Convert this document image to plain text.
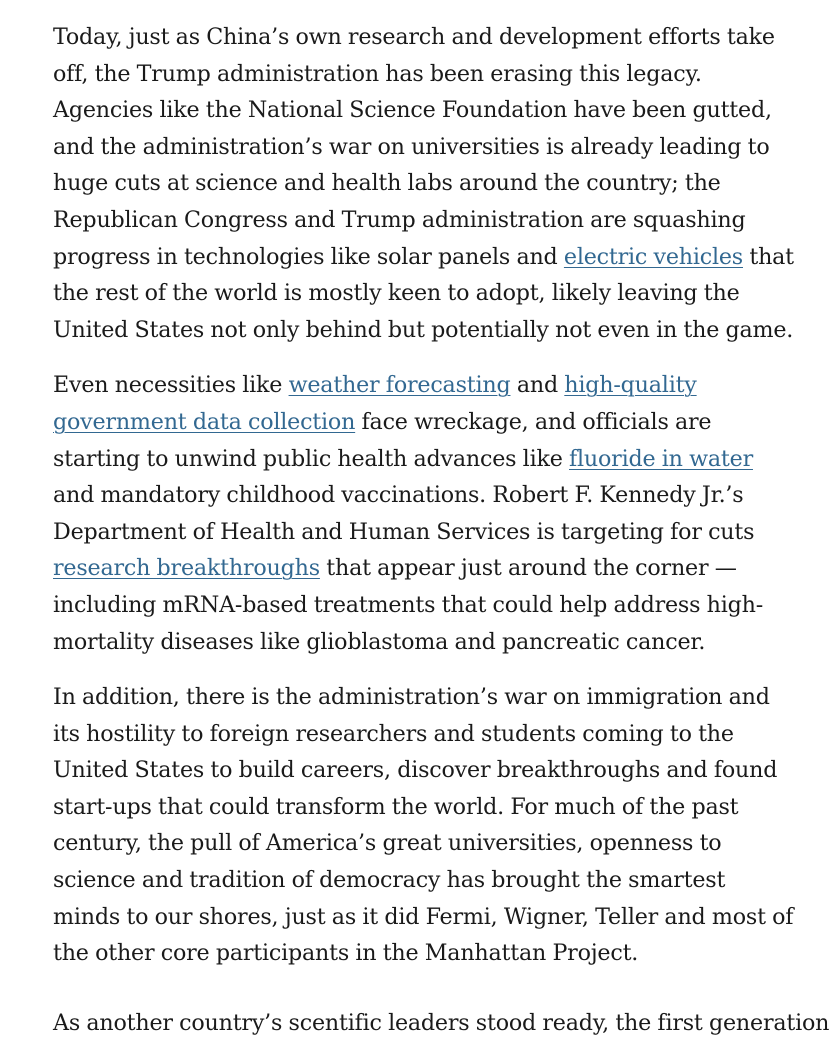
Today, just as China’s own research and development efforts take
off, the Trump administration has been erasing this legacy.
Agencies like the National Science Foundation have been gutted,
and the administration’s war on universities is already leading to
huge cuts at science and health labs around the country; the
Republican Congress and Trump administration are squashing
progress in technologies like solar panels and electric vehicles that
the rest of the world is mostly keen to adopt, likely leaving the
United States not only behind but potentially not even in the game.

Even necessities like weather forecasting and high-quality
government data collection face wreckage, and officials are
starting to unwind public health advances like fluoride in water
and mandatory childhood vaccinations. Robert F. Kennedy Jr.’s
Department of Health and Human Services is targeting for cuts
research breakthroughs that appear just around the corner —
including mRNA-based treatments that could help address high-
mortality diseases like glioblastoma and pancreatic cancer.

In addition, there is the administration’s war on immigration and
its hostility to foreign researchers and students coming to the
United States to build careers, discover breakthroughs and found
start-ups that could transform the world. For much of the past
century, the pull of America’s great universities, openness to
science and tradition of democracy has brought the smartest
minds to our shores, just as it did Fermi, Wigner, Teller and most of
the other core participants in the Manhattan Project.

As another country’s scentific leaders stood ready, the first generation
